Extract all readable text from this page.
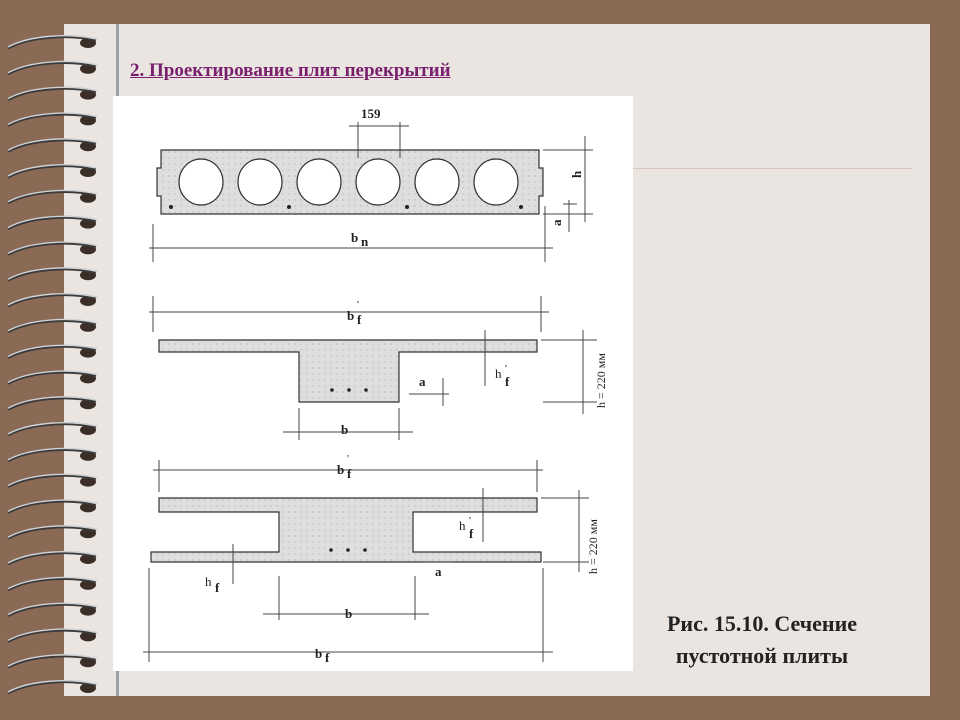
2. Проектирование плит перекрытий
159
b n
h
a
b
'
f
h '
f
b
a	h = 220 мм
b
'
f
h '
f
h f
b
b f
a	h = 220 мм
Рис. 15.10. Сечение
пустотной плиты
